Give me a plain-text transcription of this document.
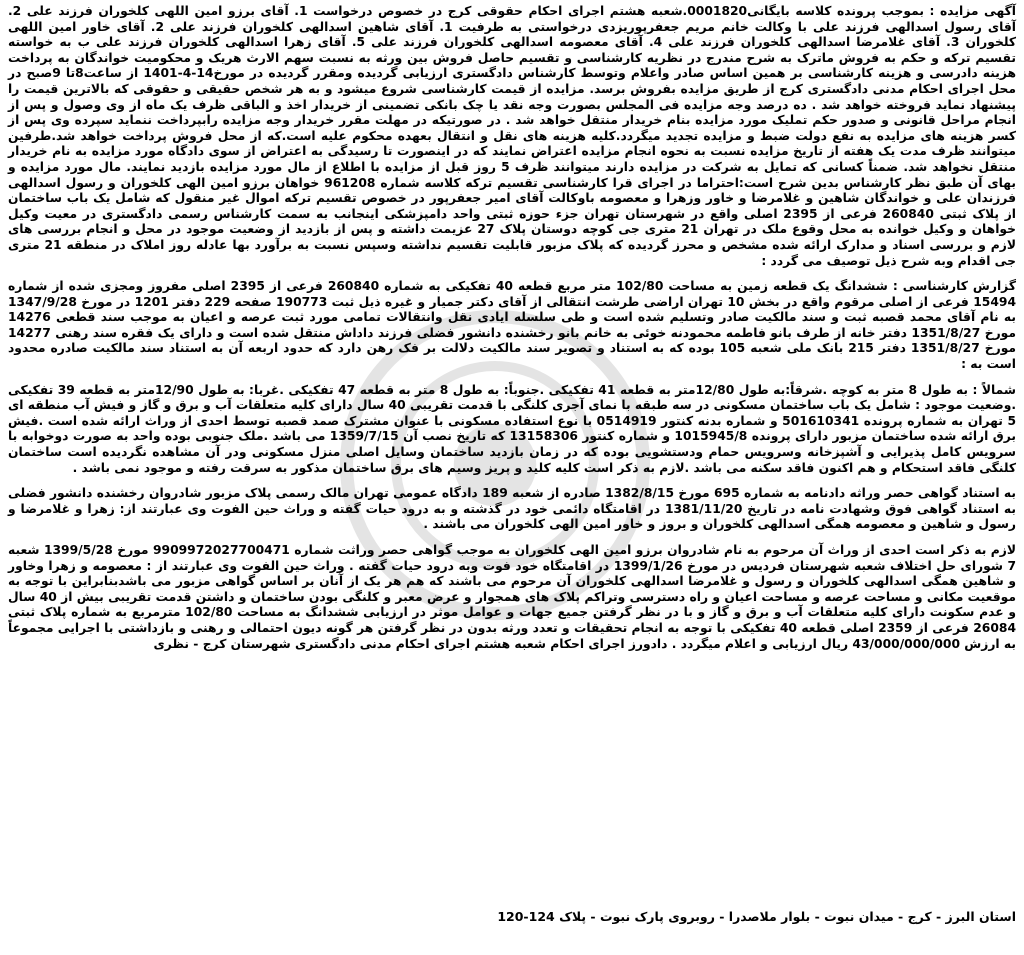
آگهی مزایده : بموجب پرونده کلاسه بایگانی0001820.شعبه هشتم اجرای احکام حقوقی کرج در خصوص درخواست 1. آقای برزو امین اللهی کلخوران فرزند علی 2. آقای رسول اسدالهی فرزند علی با وکالت خانم مریم جعفرپوریزدی درخواستی به طرفیت 1. آقای شاهین اسدالهی کلخوران فرزند علی 2. آقای خاور امین اللهی کلخوران 3. آقای غلامرضا اسدالهی کلخوران فرزند علی 4. آقای معصومه اسدالهی کلخوران فرزند علی 5. آقای زهرا اسدالهی کلخوران فرزند علی ب به خواسته تقسیم ترکه و حکم به فروش ماترک به شرح مندرج در نظریه کارشناسی و تقسیم حاصل فروش بین ورثه به نسبت سهم الارث هریک و محکومیت خواندگان به پرداخت هزینه دادرسی و هزینه کارشناسی بر همین اساس صادر واعلام وتوسط کارشناس دادگستری ارزیابی گردیده ومقرر گردیده در مورخ14-4-1401 از ساعت8تا 9صبح در محل اجرای احکام مدنی دادگستری کرج از طریق مزایده بفروش برسد. مزایده از قیمت کارشناسی شروع میشود و به هر شخص حقیقی و حقوقی که بالاترین قیمت را پیشنهاد نماید فروخته خواهد شد . ده درصد وجه مزایده فی المجلس بصورت وجه نقد یا چک بانکی تضمینی از خریدار اخذ و الباقی ظرف یک ماه از وی وصول و پس از انجام مراحل قانونی و صدور حکم تملیک مورد مزایده بنام خریدار منتقل خواهد شد . در صورتیکه در مهلت مقرر خریدار وجه مزایده رابپرداخت ننماید سپرده وی پس از کسر هزینه های مزایده به نفع دولت ضبط و مزایده تجدید میگردد.کلیه هزینه های نقل و انتقال بعهده محکوم علیه است.که از محل فروش پرداخت خواهد شد.طرفین میتوانند ظرف مدت یک هفته از تاریخ مزایده نسبت به نحوه انجام مزایده اعتراض نمایند که در اینصورت تا رسیدگی به اعتراض از سوی دادگاه مورد مزایده به نام خریدار منتقل نخواهد شد. ضمناً کسانی که تمایل به شرکت در مزایده دارند میتوانند ظرف 5 روز قبل از مزایده با اطلاع از مال مورد مزایده بازدید نمایند. مال مورد مزایده و بهای آن طبق نظر کارشناس بدین شرح است:احتراما در اجرای قرا کارشناسی تقسیم ترکه کلاسه شماره 961208 خواهان برزو امین الهی کلخوران و رسول اسدالهی فرزندان علی و خواندگان شاهین و غلامرضا و خاور وزهرا و معصومه باوکالت آقای امیر جعفرپور در خصوص تقسیم ترکه اموال غیر منقول که شامل یک باب ساختمان از پلاک ثبتی 260840 فرعی از 2395 اصلی واقع در شهرستان تهران جزء حوزه ثبتی واحد دامپزشکی اینجانب به سمت کارشناس رسمی دادگستری در معیت وکیل خواهان و وکیل خوانده به محل وقوع ملک در تهران 21 متری جی کوچه دوستان پلاک 27 عزیمت داشته و پس از بازدید از وضعیت موجود در محل و انجام بررسی های لازم و بررسی اسناد و مدارک ارائه شده مشخص و محرز گردیده که پلاک مزبور قابلیت تقسیم نداشته وسپس نسبت به برآورد بها عادله روز املاک در منطقه 21 متری جی اقدام وبه شرح ذیل توصیف می گردد :

گزارش کارشناسی : ششدانگ یک قطعه زمین به مساحت 102/80 متر مربع قطعه 40 تفکیکی به شماره 260840 فرعی از 2395 اصلی مفروز ومجزی شده از شماره 15494 فرعی از اصلی مرقوم واقع در بخش 10 تهران اراضی طرشت انتقالی از آقای دکتر جمیار و غیره ذیل ثبت 190773 صفحه 229 دفتر 1201 در مورخ 1347/9/28 به نام آقای محمد قصبه ثبت و سند مالکیت صادر وتسلیم شده است و طی سلسله ایادی نقل وانتقالات تمامی مورد ثبت عرصه و اعیان به موجب سند قطعی 14276 مورخ 1351/8/27 دفتر خانه از طرف بانو فاطمه محمودنه خوئی به خانم بانو رخشنده دانشور فضلی فرزند داداش منتقل شده است و دارای یک فقره سند رهنی 14277 مورخ 1351/8/27 دفتر 215 بانک ملی شعبه 105 بوده که به استناد و تصویر سند مالکیت دلالت بر فک رهن دارد که حدود اربعه آن به استناد سند مالکیت صادره محدود است به :

شمالاً : به طول 8 متر به کوچه .شرقاً:به طول 12/80متر به قطعه 41 تفکیکی .جنوباً: به طول 8 متر به قطعه 47 تفکیکی .غربا: به طول 12/90متر به قطعه 39 تفکیکی .وضعیت موجود : شامل یک باب ساختمان مسکونی در سه طبقه با نمای آجری کلنگی با قدمت تقریبی 40 سال دارای کلیه متعلقات آب و برق و گاز و فیش آب منطقه ای 5 تهران به شماره پرونده 501610341 و شماره بدنه کنتور 0514919 با نوع استفاده مسکونی با عنوان مشترک صمد قصبه توسط احدی از وراث ارائه شده است .فیش برق ارائه شده ساختمان مزبور دارای پرونده 1015945/8 و شماره کنتور 13158306 که تاریخ نصب آن 1359/7/15 می باشد .ملک جنوبی بوده واحد به صورت دوخوابه با سرویس کامل پذیرایی و آشپزخانه وسرویس حمام ودستشویی بوده که در زمان بازدید ساختمان وسایل اصلی منزل مسکونی ودر آن مشاهده نگردیده است ساختمان کلنگی فاقد استحکام و هم اکنون فاقد سکنه می باشد .لازم به ذکر است کلیه کلید و پریز وسیم های برق ساختمان مذکور به سرقت رفته و موجود نمی باشد .

به استناد گواهی حصر وراثه دادنامه به شماره 695 مورخ 1382/8/15 صادره از شعبه 189 دادگاه عمومی تهران مالک رسمی پلاک مزبور شادروان رخشنده دانشور فضلی به استناد گواهی فوق وشهادت نامه در تاریخ 1381/11/20 در اقامتگاه دائمی خود در گذشته و به درود حیات گفته و وراث حین الفوت وی عبارتند از: زهرا و غلامرضا و رسول و شاهین و معصومه همگی اسدالهی کلخوران و بروز و خاور امین الهی کلخوران می باشند .

لازم به ذکر است احدی از وراث آن مرحوم به نام شادروان برزو امین الهی کلخوران به موجب گواهی حصر وراثت شماره 9909972027700471 مورخ 1399/5/28 شعبه 7 شورای حل اختلاف شعبه شهرستان فردیس در مورخ 1399/1/26 در اقامتگاه خود فوت وبه درود حیات گفته . وراث حین الفوت وی عبارتند از : معصومه و زهرا وخاور و شاهین همگی اسدالهی کلخوران و رسول و غلامرضا اسدالهی کلخوران آن مرحوم می باشند که هم هر یک از آنان بر اساس گواهی مزبور می باشدبنابراین با توجه به موقعیت مکانی و مساحت عرصه و مساحت اعیان و راه دسترسی وتراکم پلاک های همجوار و عرض معبر و کلنگی بودن ساختمان و داشتن قدمت تقریبی بیش از 40 سال و عدم سکونت دارای کلیه متعلقات آب و برق و گاز و با در نظر گرفتن جمیع جهات و عوامل موثر در ارزیابی ششدانگ به مساحت 102/80 مترمربع به شماره پلاک ثبتی 26084 فرعی از 2359 اصلی قطعه 40 تفکیکی با توجه به انجام تحقیقات و تعدد ورثه بدون در نظر گرفتن هر گونه دیون احتمالی و رهنی و بازداشتی با اجرایی مجموعاً به ارزش 43/000/000/000 ریال ارزیابی و اعلام میگردد . دادورز اجرای احکام شعبه هشتم اجرای احکام مدنی دادگستری شهرستان کرج - نظری

استان البرز - کرج - میدان نبوت - بلوار ملاصدرا - روبروی پارک نبوت - پلاک 124-120
